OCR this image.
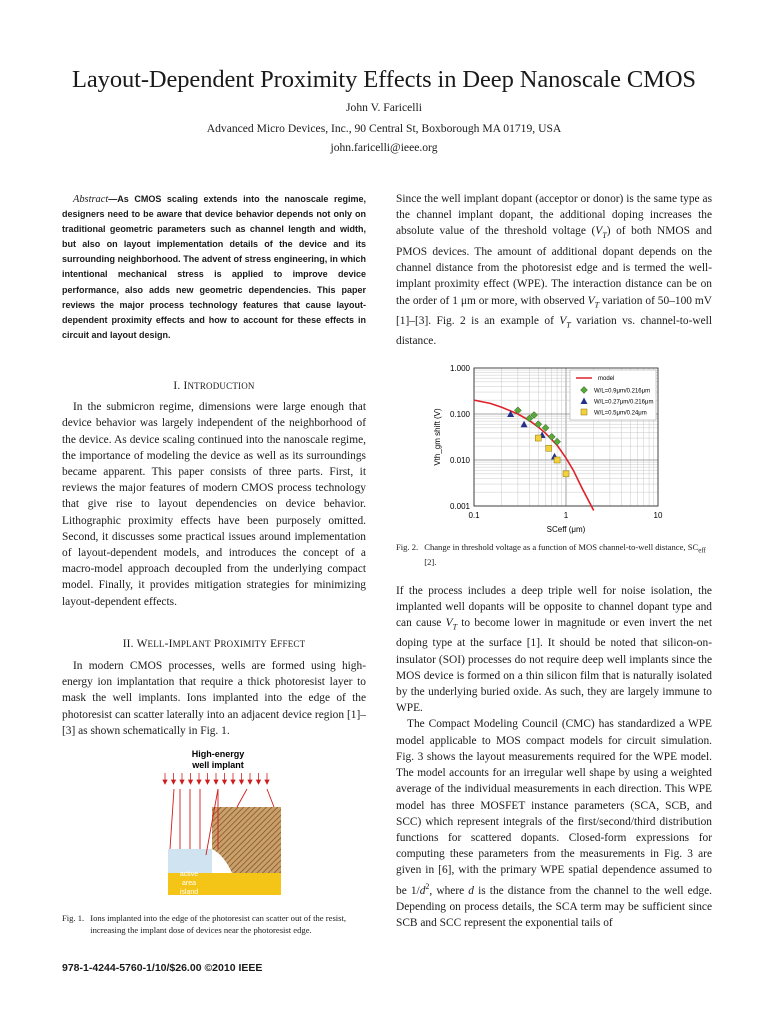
Layout-Dependent Proximity Effects in Deep Nanoscale CMOS
John V. Faricelli
Advanced Micro Devices, Inc., 90 Central St, Boxborough MA 01719, USA
john.faricelli@ieee.org

Abstract—As CMOS scaling extends into the nanoscale regime, designers need to be aware that device behavior depends not only on traditional geometric parameters such as channel length and width, but also on layout implementation details of the device and its surrounding neighborhood. The advent of stress engineering, in which intentional mechanical stress is applied to improve device performance, also adds new geometric dependencies. This paper reviews the major process technology features that cause layout-dependent proximity effects and how to account for these effects in circuit and layout design.

I. INTRODUCTION

In the submicron regime, dimensions were large enough that device behavior was largely independent of the neighborhood of the device. As device scaling continued into the nanoscale regime, the importance of modeling the device as well as its surroundings became apparent. This paper consists of three parts. First, it reviews the major features of modern CMOS process technology that give rise to layout dependencies on device behavior. Lithographic proximity effects have been purposely omitted. Second, it discusses some practical issues around implementation of layout-dependent models, and introduces the concept of a macro-model approach decoupled from the underlying compact model. Finally, it provides mitigation strategies for minimizing layout-dependent effects.

II. WELL-IMPLANT PROXIMITY EFFECT

In modern CMOS processes, wells are formed using high-energy ion implantation that require a thick photoresist layer to mask the well implants. Ions implanted into the edge of the photoresist can scatter laterally into an adjacent device region [1]–[3] as shown schematically in Fig. 1.

High-energy
well implant
active
area
island
Fig. 1. Ions implanted into the edge of the photoresist can scatter out of the resist, increasing the implant dose of devices near the photoresist edge.

Since the well implant dopant (acceptor or donor) is the same type as the channel implant dopant, the additional doping increases the absolute value of the threshold voltage $(V_T)$ of both NMOS and PMOS devices. The amount of additional dopant depends on the channel distance from the photoresist edge and is termed the well-implant proximity effect (WPE). The interaction distance can be on the order of 1 μm or more, with observed $V_T$ variation of 50–100 mV [1]–[3]. Fig. 2 is an example of $V_T$ variation vs. channel-to-well distance.

0.1	1	10
1.000
0.100
0.010
0.001
SCeff (μm)
Vth_gm shift (V)
model
W/L=0.9μm/0.216μm
W/L=0.27μm/0.216μm
W/L=0.5μm/0.24μm
Fig. 2. Change in threshold voltage as a function of MOS channel-to-well distance, $SC_{eff}$ [2].

If the process includes a deep triple well for noise isolation, the implanted well dopants will be opposite to channel dopant type and can cause $V_T$ to become lower in magnitude or even invert the net doping type at the surface [1]. It should be noted that silicon-on-insulator (SOI) processes do not require deep well implants since the MOS device is formed on a thin silicon film that is naturally isolated by the underlying buried oxide. As such, they are largely immune to WPE.

The Compact Modeling Council (CMC) has standardized a WPE model applicable to MOS compact models for circuit simulation. Fig. 3 shows the layout measurements required for the WPE model. The model accounts for an irregular well shape by using a weighted average of the individual measurements in each direction. This WPE model has three MOSFET instance parameters (SCA, SCB, and SCC) which represent integrals of the first/second/third distribution functions for scattered dopants. Closed-form expressions for computing these parameters from the measurements in Fig. 3 are given in [6], with the primary WPE spatial dependence assumed to be $1/d^2$, where d is the distance from the channel to the well edge. Depending on process details, the SCA term may be sufficient since SCB and SCC represent the exponential tails of

978-1-4244-5760-1/10/$26.00 ©2010 IEEE
